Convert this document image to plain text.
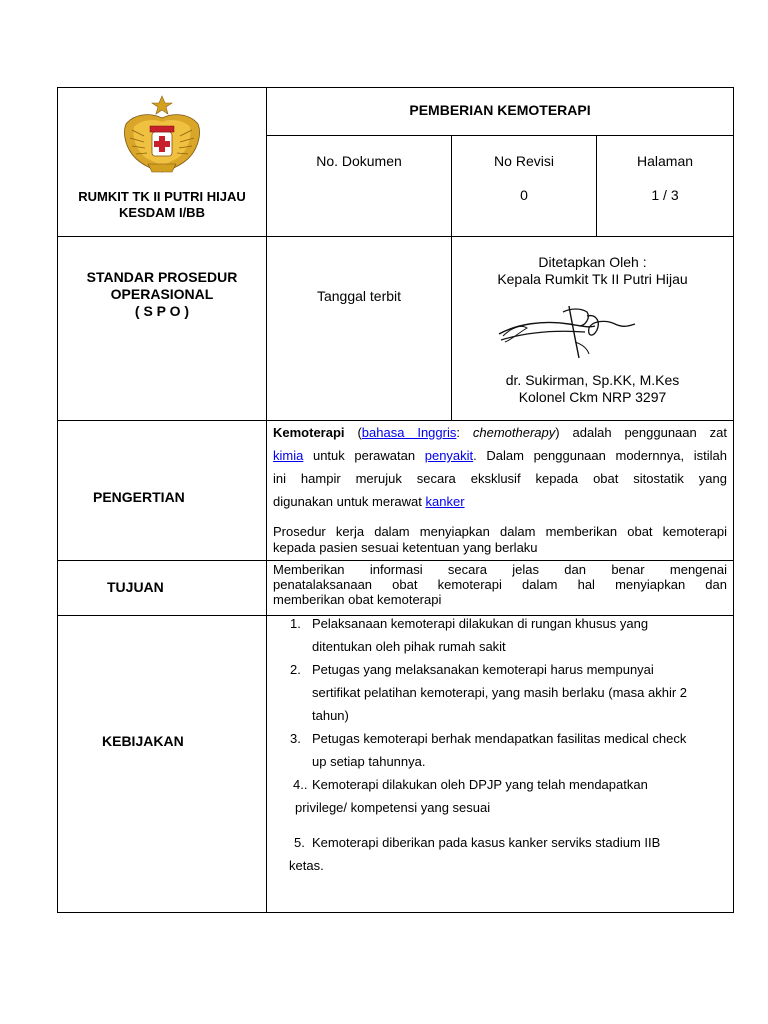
RUMKIT TK II PUTRI HIJAU
KESDAM I/BB
PEMBERIAN KEMOTERAPI
No. Dokumen	No Revisi
0
Halaman
1 / 3
STANDAR PROSEDUR
OPERASIONAL
( S P O )
Tanggal terbit
Ditetapkan Oleh :
Kepala Rumkit Tk II Putri Hijau
dr. Sukirman, Sp.KK, M.Kes
Kolonel Ckm NRP 3297
PENGERTIAN
Kemoterapi (bahasa Inggris: chemotherapy) adalah penggunaan zat
kimia untuk perawatan penyakit. Dalam penggunaan modernnya, istilah
ini hampir merujuk secara eksklusif kepada obat sitostatik yang
digunakan untuk merawat kanker
Prosedur kerja dalam menyiapkan dalam memberikan obat kemoterapi
kepada pasien sesuai ketentuan yang berlaku
TUJUAN
Memberikan informasi secara jelas dan benar mengenai
penatalaksanaan obat kemoterapi dalam hal menyiapkan dan
memberikan obat kemoterapi
KEBIJAKAN
1. Pelaksanaan kemoterapi dilakukan di rungan khusus yang
ditentukan oleh pihak rumah sakit
2. Petugas yang melaksanakan kemoterapi harus mempunyai
sertifikat pelatihan kemoterapi, yang masih berlaku (masa akhir 2
tahun)
3. Petugas kemoterapi berhak mendapatkan fasilitas medical check
up setiap tahunnya.
4.. Kemoterapi dilakukan oleh DPJP yang telah mendapatkan
privilege/ kompetensi yang sesuai
5. Kemoterapi diberikan pada kasus kanker serviks stadium IIB
ketas.
